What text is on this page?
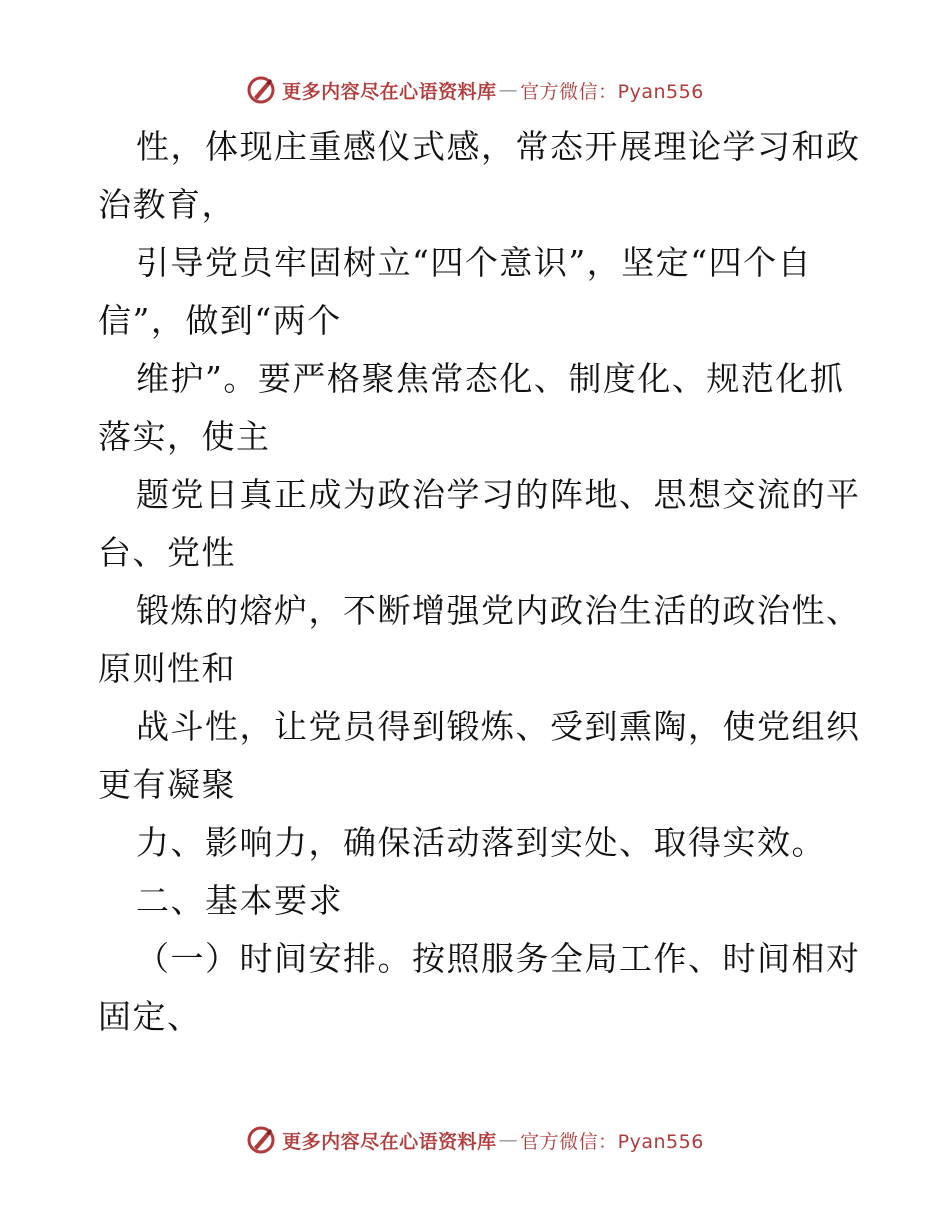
更多内容尽在心语资料库 — 官方微信：Pyan556
性，体现庄重感仪式感，常态开展理论学习和政
治教育，
引导党员牢固树立“四个意识”，坚定“四个自
信”，做到“两个
维护”。要严格聚焦常态化、制度化、规范化抓
落实，使主
题党日真正成为政治学习的阵地、思想交流的平
台、党性
锻炼的熔炉，不断增强党内政治生活的政治性、
原则性和
战斗性，让党员得到锻炼、受到熏陶，使党组织
更有凝聚
力、影响力，确保活动落到实处、取得实效。
二、基本要求
（一）时间安排。按照服务全局工作、时间相对
固定、
更多内容尽在心语资料库 — 官方微信：Pyan556
